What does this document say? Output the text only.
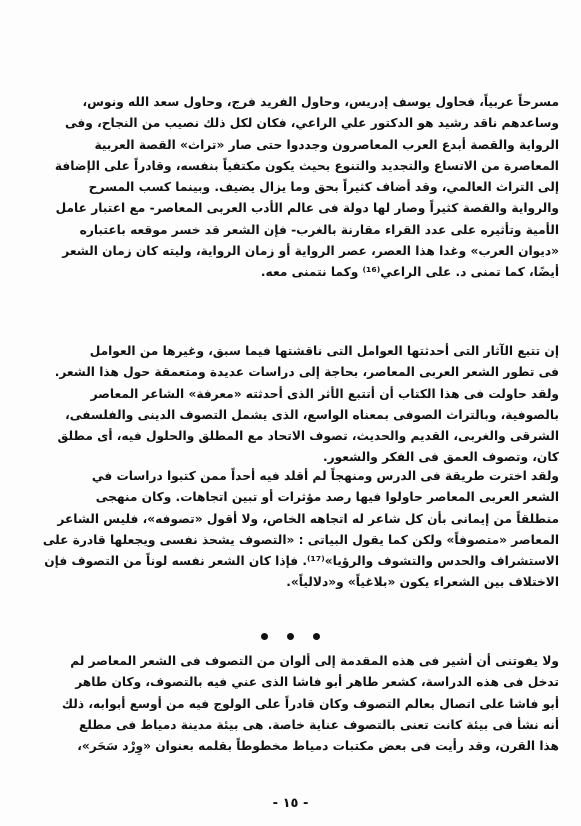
مسرحاً عربياً، فحاول يوسف إدريس، وحاول الفريد فرج، وحاول سعد الله ونوس،
وساعدهم ناقد رشيد هو الدكتور علي الراعي، فكان لكل ذلك نصيب من النجاح، وفى
الرواية والقصة أبدع العرب المعاصرون وجددوا حتى صار «تراث» القصة العربية
المعاصرة من الاتساع والتجديد والتنوع بحيث يكون مكتفياً بنفسه، وقادراً على الإضافة
إلى التراث العالمي، وقد أضاف كثيراً بحق وما يزال يضيف. وبينما كسب المسرح
والرواية والقصة كثيراً وصار لها دولة فى عالم الأدب العربى المعاصر- مع اعتبار عامل
الأمية وتأثيره على عدد القراء مقارنة بالغرب- فإن الشعر قد خسر موقعه باعتباره
«ديوان العرب» وغدا هذا العصر، عصر الرواية أو زمان الرواية، وليته كان زمان الشعر
أيضًا، كما تمنى د. على الراعي⁽¹⁶⁾ وكما نتمنى معه.
إن تتبع الآثار التى أحدثتها العوامل التى ناقشتها فيما سبق، وغيرها من العوامل
فى تطور الشعر العربى المعاصر، بحاجة إلى دراسات عديدة ومتعمقة حول هذا الشعر.
ولقد حاولت فى هذا الكتاب أن أتتبع الأثر الذى أحدثته «معرفة» الشاعر المعاصر
بالصوفية، وبالتراث الصوفى بمعناه الواسع، الذى يشمل التصوف الدينى والفلسفى،
الشرقى والغربى، القديم والحديث، تصوف الاتحاد مع المطلق والحلول فيه، أى مطلق
كان، وتصوف العمق فى الفكر والشعور.
ولقد اخترت طريقة فى الدرس ومنهجاً لم أقلد فيه أحداً ممن كتبوا دراسات في
الشعر العربى المعاصر حاولوا فيها رصد مؤثرات أو تبين اتجاهات. وكان منهجى
منطلقاً من إيمانى بأن كل شاعر له اتجاهه الخاص، ولا أقول «تصوفه»، فليس الشاعر
المعاصر «متصوفاً» ولكن كما يقول البياتى : «التصوف يشحذ نفسى ويجعلها قادرة على
الاستشراف والحدس والتشوف والرؤيا»⁽¹⁷⁾. فإذا كان الشعر نفسه لوناً من التصوف فإن
الاختلاف بين الشعراء يكون «بلاغياً» و«دلالياً».

ولا يفوتنى أن أشير فى هذه المقدمة إلى ألوان من التصوف فى الشعر المعاصر لم
تدخل فى هذه الدراسة، كشعر طاهر أبو فاشا الذى عني فيه بالتصوف، وكان طاهر
أبو فاشا على اتصال بعالم التصوف وكان قادراً على الولوج فيه من أوسع أبوابه، ذلك
أنه نشأ فى بيئة كانت تعنى بالتصوف عناية خاصة. هى بيئة مدينة دمياط فى مطلع
هذا القرن، وقد رأيت فى بعض مكتبات دمياط مخطوطاً بقلمه بعنوان «وِرْد سَحَر»،
- ١٥ -
